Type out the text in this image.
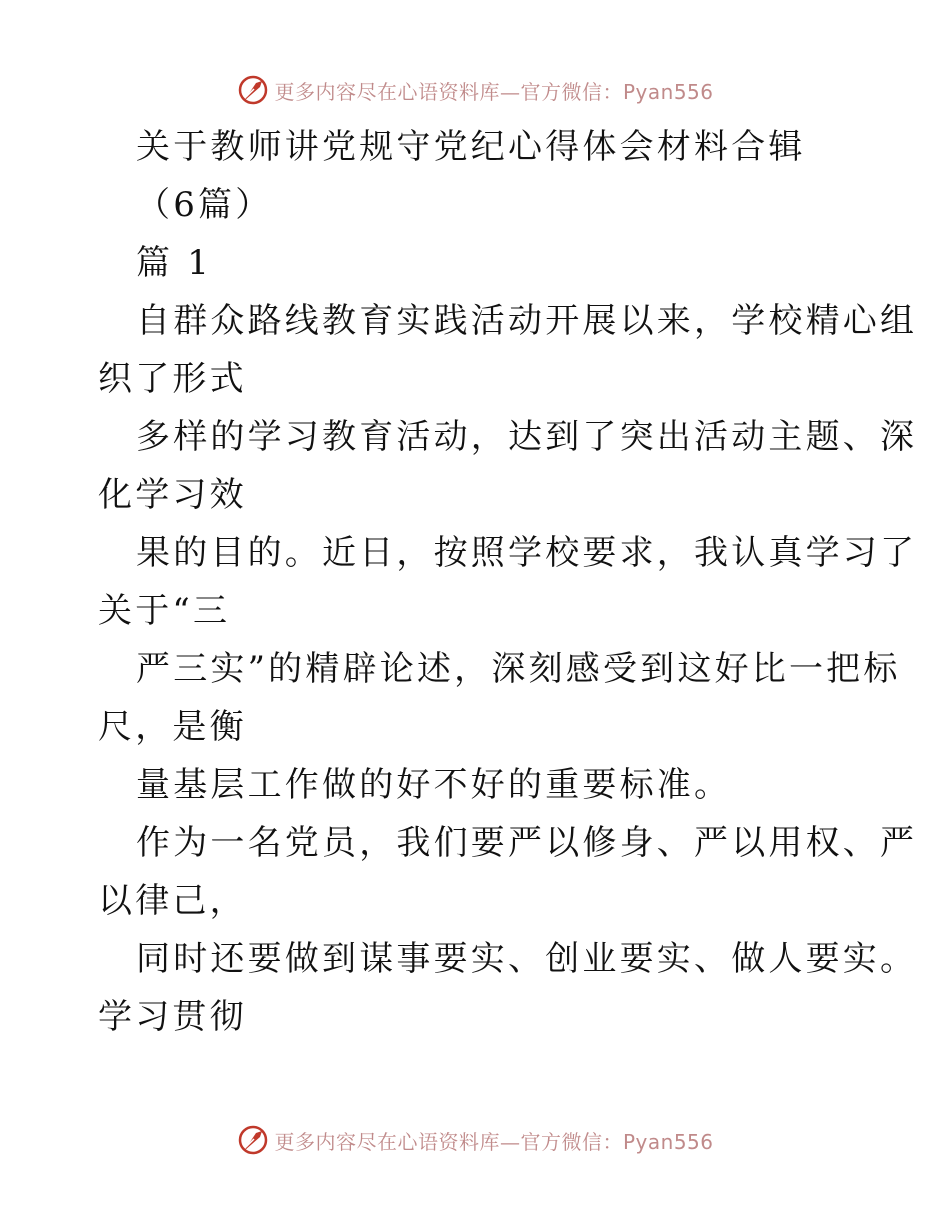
更多内容尽在心语资料库—官方微信：Pyan556
关于教师讲党规守党纪心得体会材料合辑
（6篇）
篇 1
自群众路线教育实践活动开展以来，学校精心组
织了形式
多样的学习教育活动，达到了突出活动主题、深
化学习效
果的目的。近日，按照学校要求，我认真学习了
关于“三
严三实”的精辟论述，深刻感受到这好比一把标
尺，是衡
量基层工作做的好不好的重要标准。
作为一名党员，我们要严以修身、严以用权、严
以律己，
同时还要做到谋事要实、创业要实、做人要实。
学习贯彻
更多内容尽在心语资料库—官方微信：Pyan556
